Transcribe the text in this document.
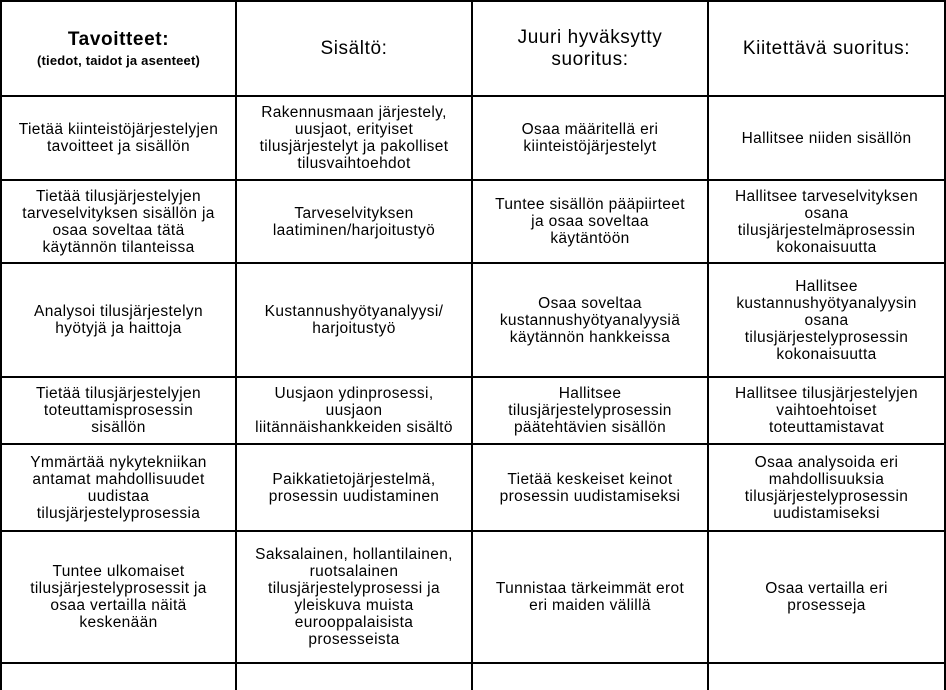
Tavoitteet:
(tiedot, taidot ja asenteet)
Sisältö:
Juuri hyväksytty
suoritus:
Kiitettävä suoritus:
Tietää kiinteistöjärjestelyjen
tavoitteet ja sisällön
Rakennusmaan järjestely,
uusjaot, erityiset
tilusjärjestelyt ja pakolliset
tilusvaihtoehdot
Osaa määritellä eri
kiinteistöjärjestelyt	Hallitsee niiden sisällön
Tietää tilusjärjestelyjen
tarveselvityksen sisällön ja
osaa soveltaa tätä
käytännön tilanteissa
Tarveselvityksen
laatiminen/harjoitustyö
Tuntee sisällön pääpiirteet
ja osaa soveltaa
käytäntöön
Hallitsee tarveselvityksen
osana
tilusjärjestelmäprosessin
kokonaisuutta
Analysoi tilusjärjestelyn
hyötyjä ja haittoja
Kustannushyötyanalyysi/
harjoitustyö
Osaa soveltaa
kustannushyötyanalyysiä
käytännön hankkeissa
Hallitsee
kustannushyötyanalyysin
osana
tilusjärjestelyprosessin
kokonaisuutta
Tietää tilusjärjestelyjen
toteuttamisprosessin
sisällön
Uusjaon ydinprosessi,
uusjaon
liitännäishankkeiden sisältö
Hallitsee
tilusjärjestelyprosessin
päätehtävien sisällön
Hallitsee tilusjärjestelyjen
vaihtoehtoiset
toteuttamistavat
Ymmärtää nykytekniikan
antamat mahdollisuudet
uudistaa
tilusjärjestelyprosessia
Paikkatietojärjestelmä,
prosessin uudistaminen
Tietää keskeiset keinot
prosessin uudistamiseksi
Osaa analysoida eri
mahdollisuuksia
tilusjärjestelyprosessin
uudistamiseksi
Tuntee ulkomaiset
tilusjärjestelyprosessit ja
osaa vertailla näitä
keskenään
Saksalainen, hollantilainen,
ruotsalainen
tilusjärjestelyprosessi ja
yleiskuva muista
eurooppalaisista
prosesseista
Tunnistaa tärkeimmät erot
eri maiden välillä
Osaa vertailla eri
prosesseja
